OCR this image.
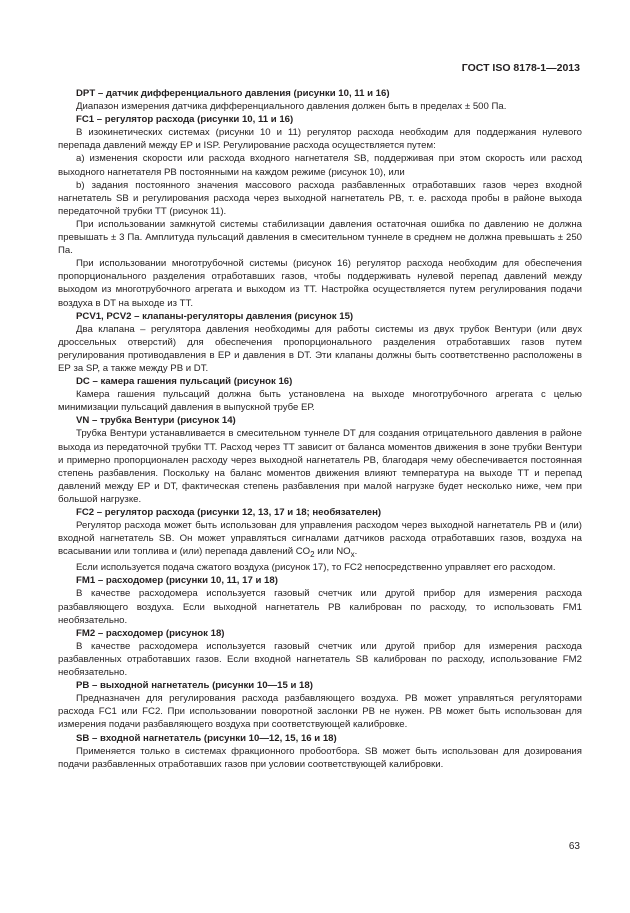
ГОСТ ISO 8178-1—2013

DPT – датчик дифференциального давления (рисунки 10, 11 и 16)

Диапазон измерения датчика дифференциального давления должен быть в пределах ± 500 Па.

FC1 – регулятор расхода (рисунки 10, 11 и 16)

В изокинетических системах (рисунки 10 и 11) регулятор расхода необходим для поддержания нулевого перепада давлений между ЕР и ISP. Регулирование расхода осуществляется путем:

a) изменения скорости или расхода входного нагнетателя SB, поддерживая при этом скорость или расход выходного нагнетателя РВ постоянными на каждом режиме (рисунок 10), или

b) задания постоянного значения массового расхода разбавленных отработавших газов через входной нагнетатель SB и регулирования расхода через выходной нагнетатель РВ, т. е. расхода пробы в районе выхода передаточной трубки ТТ (рисунок 11).

При использовании замкнутой системы стабилизации давления остаточная ошибка по давлению не должна превышать ± 3 Па. Амплитуда пульсаций давления в смесительном туннеле в среднем не должна превышать ± 250 Па.

При использовании многотрубочной системы (рисунок 16) регулятор расхода необходим для обеспечения пропорционального разделения отработавших газов, чтобы поддерживать нулевой перепад давлений между выходом из многотрубочного агрегата и выходом из ТТ. Настройка осуществляется путем регулирования подачи воздуха в DT на выходе из ТТ.

PCV1, PCV2 – клапаны-регуляторы давления (рисунок 15)

Два клапана – регулятора давления необходимы для работы системы из двух трубок Вентури (или двух дроссельных отверстий) для обеспечения пропорционального разделения отработавших газов путем регулирования противодавления в ЕР и давления в DT. Эти клапаны должны быть соответственно расположены в ЕР за SP, а также между РВ и DT.

DC – камера гашения пульсаций (рисунок 16)

Камера гашения пульсаций должна быть установлена на выходе многотрубочного агрегата с целью минимизации пульсаций давления в выпускной трубе ЕР.

VN – трубка Вентури (рисунок 14)

Трубка Вентури устанавливается в смесительном туннеле DT для создания отрицательного давления в районе выхода из передаточной трубки ТТ. Расход через ТТ зависит от баланса моментов движения в зоне трубки Вентури и примерно пропорционален расходу через выходной нагнетатель РВ, благодаря чему обеспечивается постоянная степень разбавления. Поскольку на баланс моментов движения влияют температура на выходе ТТ и перепад давлений между ЕР и DT, фактическая степень разбавления при малой нагрузке будет несколько ниже, чем при большой нагрузке.

FC2 – регулятор расхода (рисунки 12, 13, 17 и 18; необязателен)

Регулятор расхода может быть использован для управления расходом через выходной нагнетатель РВ и (или) входной нагнетатель SB. Он может управляться сигналами датчиков расхода отработавших газов, воздуха на всасывании или топлива и (или) перепада давлений $CO_2$ или $NO_x$.

Если используется подача сжатого воздуха (рисунок 17), то FC2 непосредственно управляет его расходом.

FM1 – расходомер (рисунки 10, 11, 17 и 18)

В качестве расходомера используется газовый счетчик или другой прибор для измерения расхода разбавляющего воздуха. Если выходной нагнетатель РВ калиброван по расходу, то использовать FM1 необязательно.

FM2 – расходомер (рисунок 18)

В качестве расходомера используется газовый счетчик или другой прибор для измерения расхода разбавленных отработавших газов. Если входной нагнетатель SB калиброван по расходу, использование FM2 необязательно.

РВ – выходной нагнетатель (рисунки 10—15 и 18)

Предназначен для регулирования расхода разбавляющего воздуха. РВ может управляться регуляторами расхода FC1 или FC2. При использовании поворотной заслонки РВ не нужен. РВ может быть использован для измерения подачи разбавляющего воздуха при соответствующей калибровке.

SB – входной нагнетатель (рисунки 10—12, 15, 16 и 18)

Применяется только в системах фракционного пробоотбора. SB может быть использован для дозирования подачи разбавленных отработавших газов при условии соответствующей калибровки.

63
